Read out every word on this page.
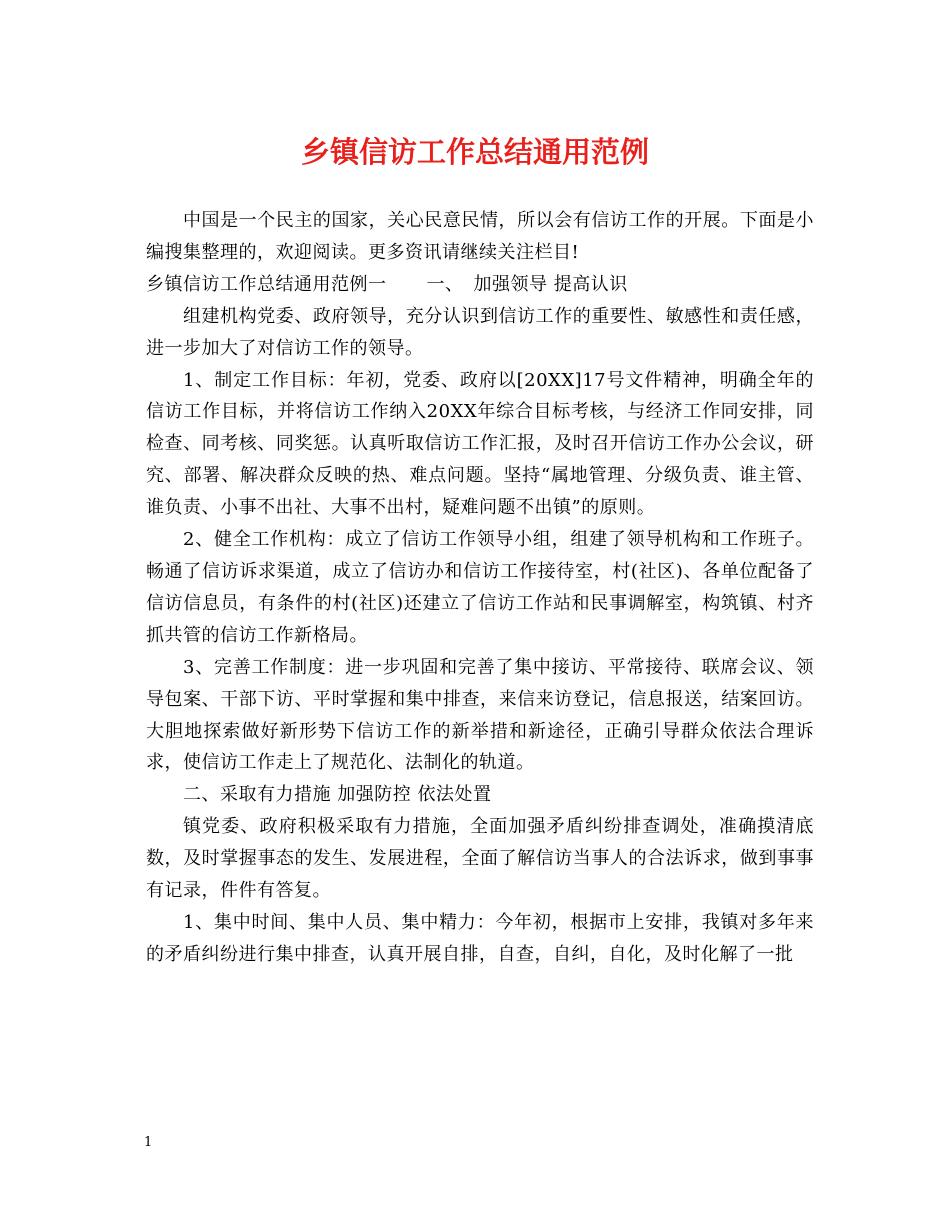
乡镇信访工作总结通用范例

中国是一个民主的国家，关心民意民情，所以会有信访工作的开展。下面是小编搜集整理的，欢迎阅读。更多资讯请继续关注栏目!

乡镇信访工作总结通用范例一 一、 加强领导 提高认识

组建机构党委、政府领导，充分认识到信访工作的重要性、敏感性和责任感，进一步加大了对信访工作的领导。

1、制定工作目标：年初，党委、政府以[20XX]17号文件精神，明确全年的信访工作目标，并将信访工作纳入20XX年综合目标考核，与经济工作同安排，同检查、同考核、同奖惩。认真听取信访工作汇报，及时召开信访工作办公会议，研究、部署、解决群众反映的热、难点问题。坚持“属地管理、分级负责、谁主管、谁负责、小事不出社、大事不出村，疑难问题不出镇”的原则。

2、健全工作机构：成立了信访工作领导小组，组建了领导机构和工作班子。畅通了信访诉求渠道，成立了信访办和信访工作接待室，村(社区)、各单位配备了信访信息员，有条件的村(社区)还建立了信访工作站和民事调解室，构筑镇、村齐抓共管的信访工作新格局。

3、完善工作制度：进一步巩固和完善了集中接访、平常接待、联席会议、领导包案、干部下访、平时掌握和集中排查，来信来访登记，信息报送，结案回访。大胆地探索做好新形势下信访工作的新举措和新途径，正确引导群众依法合理诉求，使信访工作走上了规范化、法制化的轨道。

二、采取有力措施 加强防控 依法处置

镇党委、政府积极采取有力措施，全面加强矛盾纠纷排查调处，准确摸清底数，及时掌握事态的发生、发展进程，全面了解信访当事人的合法诉求，做到事事有记录，件件有答复。

1、集中时间、集中人员、集中精力：今年初，根据市上安排，我镇对多年来的矛盾纠纷进行集中排查，认真开展自排，自查，自纠，自化，及时化解了一批

1
